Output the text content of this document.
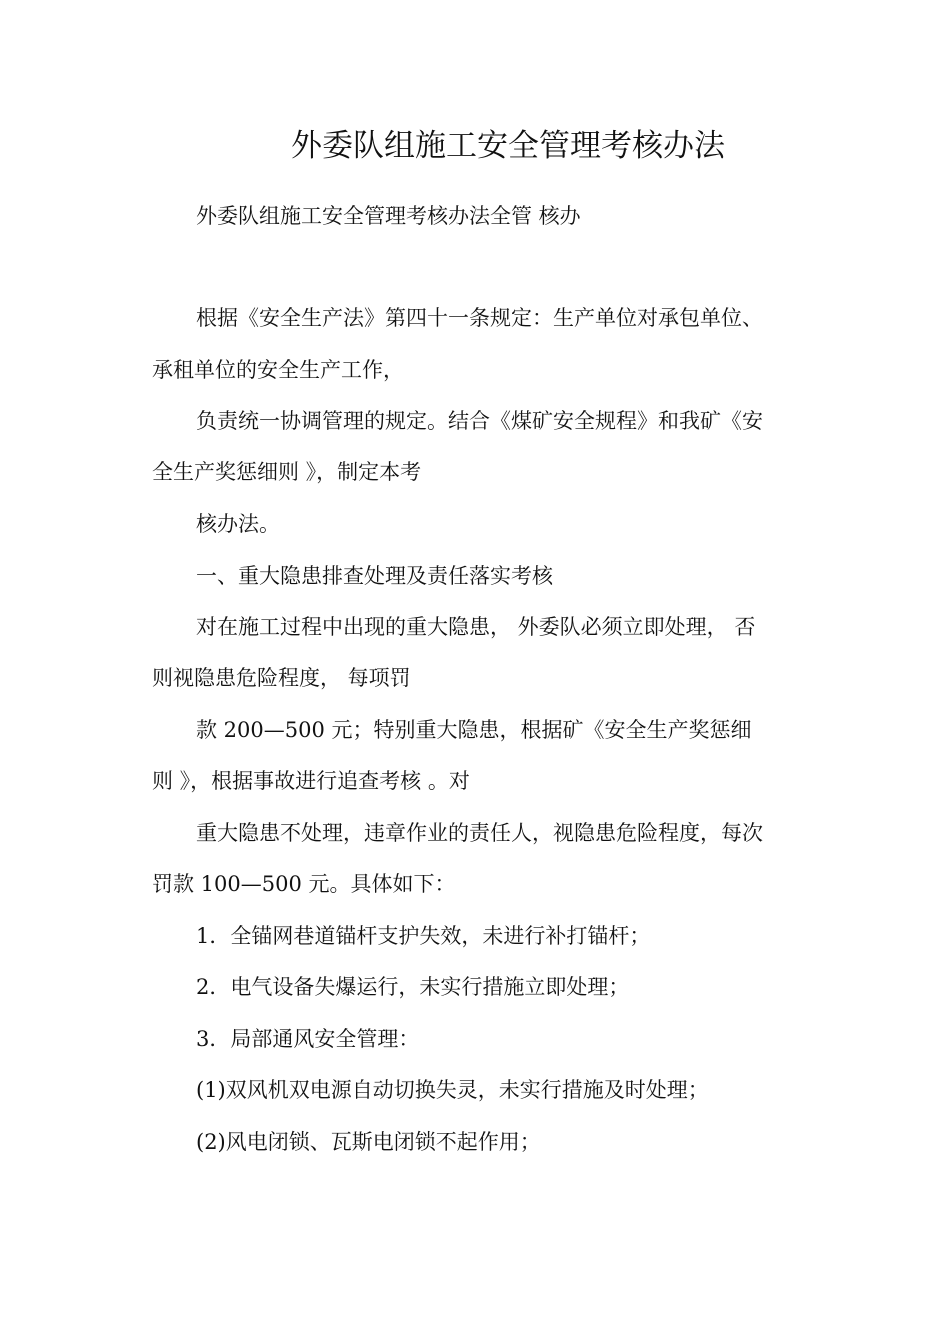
外委队组施工安全管理考核办法
外委队组施工安全管理考核办法全管 核办
根据《安全生产法》第四十一条规定：生产单位对承包单位、
承租单位的安全生产工作，
负责统一协调管理的规定。结合《煤矿安全规程》和我矿《安
全生产奖惩细则 》，制定本考
核办法。
一、重大隐患排查处理及责任落实考核
对在施工过程中出现的重大隐患， 外委队必须立即处理， 否
则视隐患危险程度， 每项罚
款 200—500 元；特别重大隐患，根据矿《安全生产奖惩细
则 》，根据事故进行追查考核 。对
重大隐患不处理，违章作业的责任人，视隐患危险程度，每次
罚款 100—500 元。具体如下：
1．全锚网巷道锚杆支护失效，未进行补打锚杆；
2．电气设备失爆运行，未实行措施立即处理；
3．局部通风安全管理：
(1)双风机双电源自动切换失灵，未实行措施及时处理；
(2)风电闭锁、瓦斯电闭锁不起作用；
